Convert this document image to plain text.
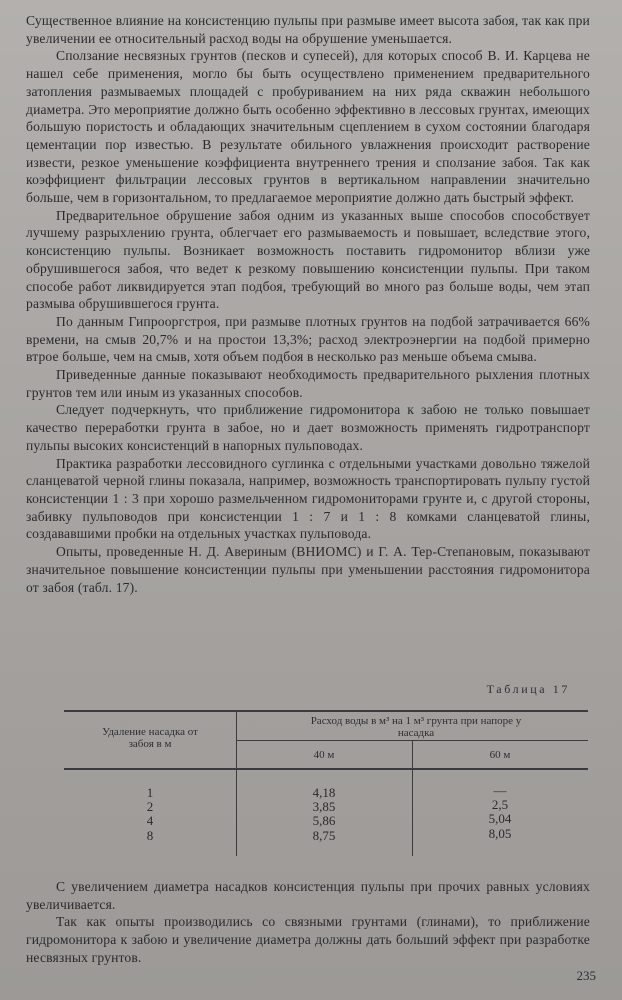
Существенное влияние на консистенцию пульпы при размыве имеет высота забоя, так как при увеличении ее относительный расход воды на обрушение уменьшается.

Сползание несвязных грунтов (песков и супесей), для которых способ В. И. Карцева не нашел себе применения, могло бы быть осуществлено применением предварительного затопления размываемых площадей с пробуриванием на них ряда скважин небольшого диаметра. Это мероприятие должно быть особенно эффективно в лессовых грунтах, имеющих большую пористость и обладающих значительным сцеплением в сухом состоянии благодаря цементации пор известью. В результате обильного увлажнения происходит растворение извести, резкое уменьшение коэффициента внутреннего трения и сползание забоя. Так как коэффициент фильтрации лессовых грунтов в вертикальном направлении значительно больше, чем в горизонтальном, то предлагаемое мероприятие должно дать быстрый эффект.

Предварительное обрушение забоя одним из указанных выше способов способствует лучшему разрыхлению грунта, облегчает его размываемость и повышает, вследствие этого, консистенцию пульпы. Возникает возможность поставить гидромонитор вблизи уже обрушившегося забоя, что ведет к резкому повышению консистенции пульпы. При таком способе работ ликвидируется этап подбоя, требующий во много раз больше воды, чем этап размыва обрушившегося грунта.

По данным Гипрооргстроя, при размыве плотных грунтов на подбой затрачивается 66% времени, на смыв 20,7% и на простои 13,3%; расход электроэнергии на подбой примерно втрое больше, чем на смыв, хотя объем подбоя в несколько раз меньше объема смыва.

Приведенные данные показывают необходимость предварительного рыхления плотных грунтов тем или иным из указанных способов.

Следует подчеркнуть, что приближение гидромонитора к забою не только повышает качество переработки грунта в забое, но и дает возможность применять гидротранспорт пульпы высоких консистенций в напорных пульповодах.

Практика разработки лессовидного суглинка с отдельными участками довольно тяжелой сланцеватой черной глины показала, например, возможность транспортировать пульпу густой консистенции 1 : 3 при хорошо размельченном гидромониторами грунте и, с другой стороны, забивку пульповодов при консистенции 1 : 7 и 1 : 8 комками сланцеватой глины, создававшими пробки на отдельных участках пульповода.

Опыты, проведенные Н. Д. Авериным (ВНИОМС) и Г. А. Тер-Степановым, показывают значительное повышение консистенции пульпы при уменьшении расстояния гидромонитора от забоя (табл. 17).

Таблица 17
Удаление насадка от забоя в м
Расход воды в м³ на 1 м³ грунта при напоре у насадка
40 м	60 м
1
2
4
8
4,18
3,85
5,86
8,75
—
2,5
5,04
8,05

С увеличением диаметра насадков консистенция пульпы при прочих равных условиях увеличивается.

Так как опыты производились со связными грунтами (глинами), то приближение гидромонитора к забою и увеличение диаметра должны дать больший эффект при разработке несвязных грунтов.

235
